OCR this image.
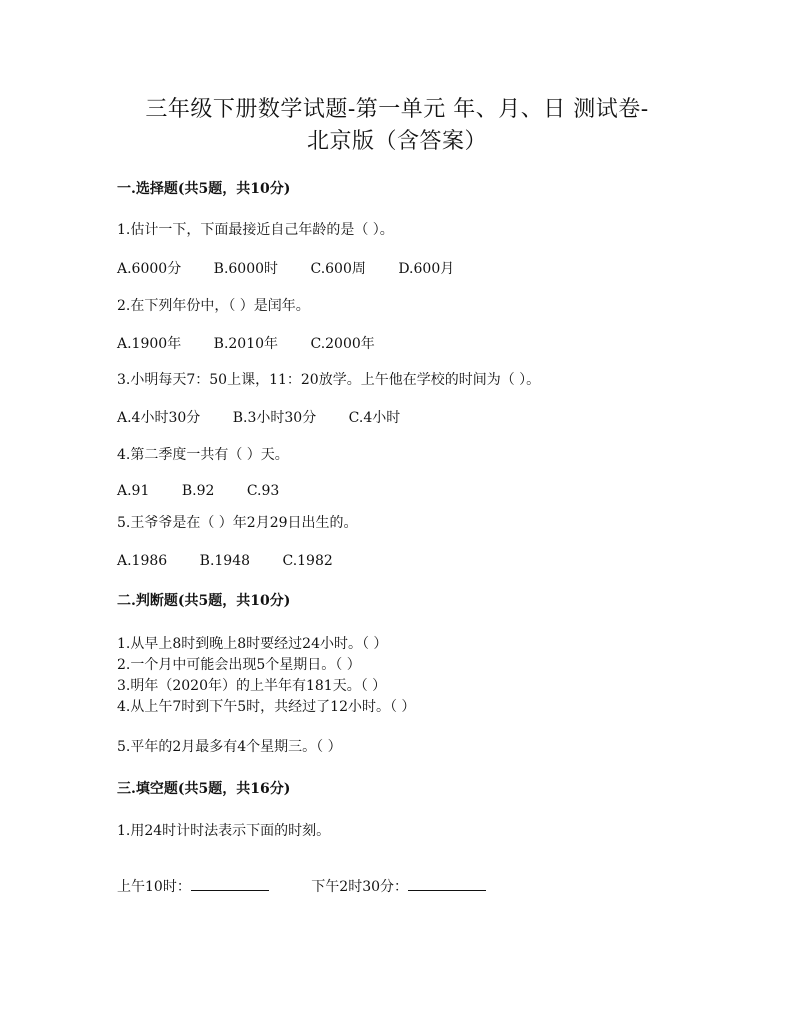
三年级下册数学试题-第一单元 年、月、日 测试卷-
北京版（含答案）
一.选择题(共5题，共10分)
1.估计一下，下面最接近自己年龄的是（ ）。
A.6000分 B.6000时 C.600周 D.600月
2.在下列年份中，（ ）是闰年。
A.1900年 B.2010年 C.2000年
3.小明每天7：50上课，11：20放学。上午他在学校的时间为（ ）。
A.4小时30分 B.3小时30分 C.4小时
4.第二季度一共有（ ）天。
A.91 B.92 C.93
5.王爷爷是在（ ）年2月29日出生的。
A.1986 B.1948 C.1982
二.判断题(共5题，共10分)
1.从早上8时到晚上8时要经过24小时。（ ）
2.一个月中可能会出现5个星期日。（ ）
3.明年（2020年）的上半年有181天。（ ）
4.从上午7时到下午5时，共经过了12小时。（ ）
5.平年的2月最多有4个星期三。（ ）
三.填空题(共5题，共16分)
1.用24时计时法表示下面的时刻。
上午10时：	下午2时30分：
